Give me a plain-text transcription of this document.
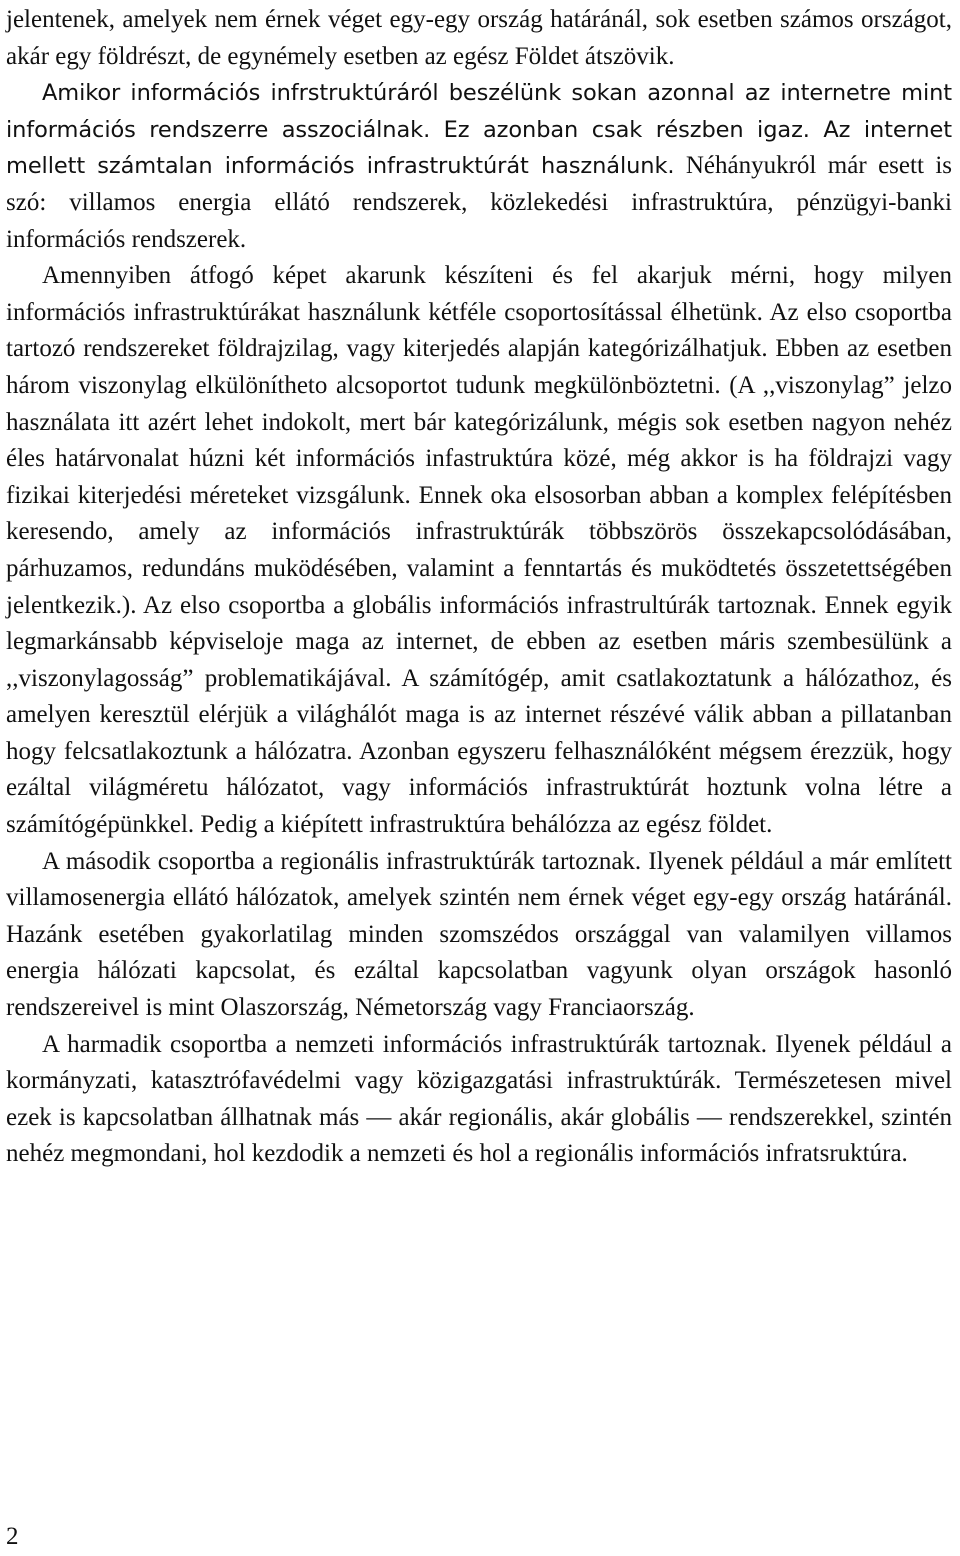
jelentenek, amelyek nem érnek véget egy-egy ország határánál, sok esetben számos országot, akár egy földrészt, de egynémely esetben az egész Földet átszövik.

Amikor információs infrstruktúráról beszélünk sokan azonnal az internetre mint információs rendszerre asszociálnak. Ez azonban csak részben igaz. Az internet mellett számtalan információs infrastruktúrát használunk. Néhányukról már esett is szó: villamos energia ellátó rendszerek, közlekedési infrastruktúra, pénzügyi-banki információs rendszerek.

Amennyiben átfogó képet akarunk készíteni és fel akarjuk mérni, hogy milyen információs infrastruktúrákat használunk kétféle csoportosítással élhetünk. Az elso csoportba tartozó rendszereket földrajzilag, vagy kiterjedés alapján kategórizálhatjuk. Ebben az esetben három viszonylag elkülönítheto alcsoportot tudunk megkülönböztetni. (A ,,viszonylag” jelzo használata itt azért lehet indokolt, mert bár kategórizálunk, mégis sok esetben nagyon nehéz éles határvonalat húzni két információs infastruktúra közé, még akkor is ha földrajzi vagy fizikai kiterjedési méreteket vizsgálunk. Ennek oka elsosorban abban a komplex felépítésben keresendo, amely az információs infrastruktúrák többszörös összekapcsolódásában, párhuzamos, redundáns muködésében, valamint a fenntartás és muködtetés összetettségében jelentkezik.). Az elso csoportba a globális információs infrastrultúrák tartoznak. Ennek egyik legmarkánsabb képviseloje maga az internet, de ebben az esetben máris szembesülünk a ,,viszonylagosság” problematikájával. A számítógép, amit csatlakoztatunk a hálózathoz, és amelyen keresztül elérjük a világhálót maga is az internet részévé válik abban a pillatanban hogy felcsatlakoztunk a hálózatra. Azonban egyszeru felhasználóként mégsem érezzük, hogy ezáltal világméretu hálózatot, vagy információs infrastruktúrát hoztunk volna létre a számítógépünkkel. Pedig a kiépített infrastruktúra behálózza az egész földet.

A második csoportba a regionális infrastruktúrák tartoznak. Ilyenek például a már említett villamosenergia ellátó hálózatok, amelyek szintén nem érnek véget egy-egy ország határánál. Hazánk esetében gyakorlatilag minden szomszédos országgal van valamilyen villamos energia hálózati kapcsolat, és ezáltal kapcsolatban vagyunk olyan országok hasonló rendszereivel is mint Olaszország, Németország vagy Franciaország.

A harmadik csoportba a nemzeti információs infrastruktúrák tartoznak. Ilyenek például a kormányzati, katasztrófavédelmi vagy közigazgatási infrastruktúrák. Természetesen mivel ezek is kapcsolatban állhatnak más — akár regionális, akár globális — rendszerekkel, szintén nehéz megmondani, hol kezdodik a nemzeti és hol a regionális információs infratsruktúra.

2
